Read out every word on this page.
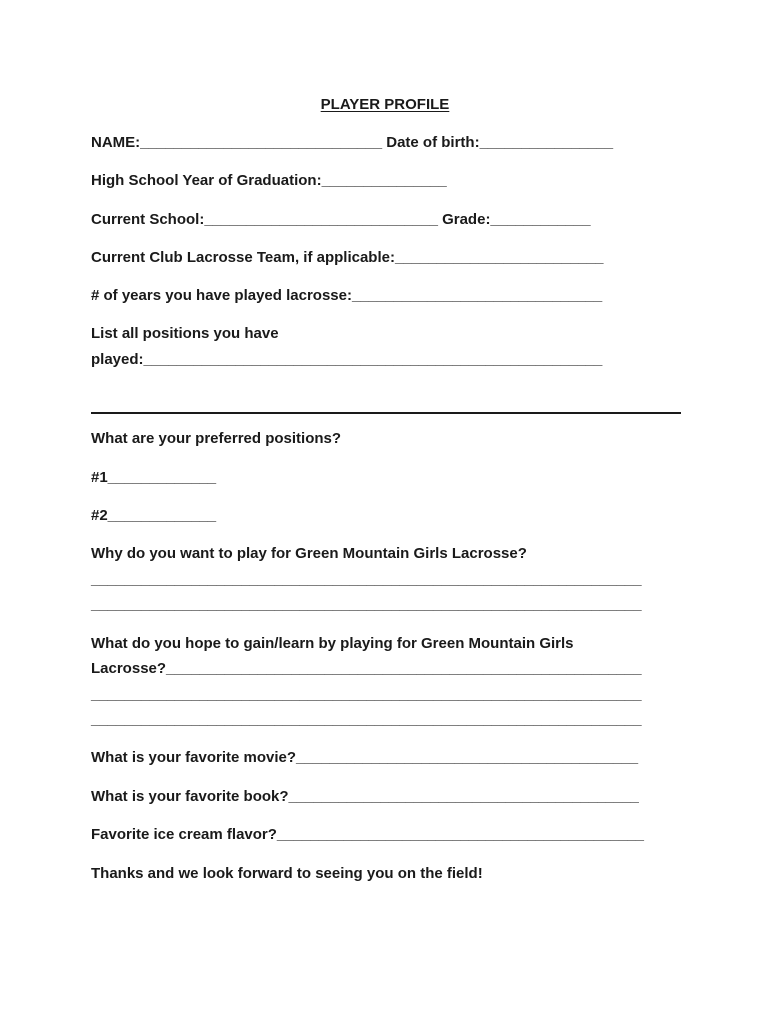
PLAYER PROFILE
NAME:_____________________________ Date of birth:________________
High School Year of Graduation:_______________
Current School:____________________________ Grade:____________
Current Club Lacrosse Team, if applicable:_________________________
# of years you have played lacrosse:______________________________
List all positions you have
played:_______________________________________________________
What are your preferred positions?
#1_____________
#2_____________
Why do you want to play for Green Mountain Girls Lacrosse?
__________________________________________________________________
__________________________________________________________________
What do you hope to gain/learn by playing for Green Mountain Girls
Lacrosse?_________________________________________________________
__________________________________________________________________
__________________________________________________________________
What is your favorite movie?_________________________________________
What is your favorite book?__________________________________________
Favorite ice cream flavor?____________________________________________
Thanks and we look forward to seeing you on the field!
